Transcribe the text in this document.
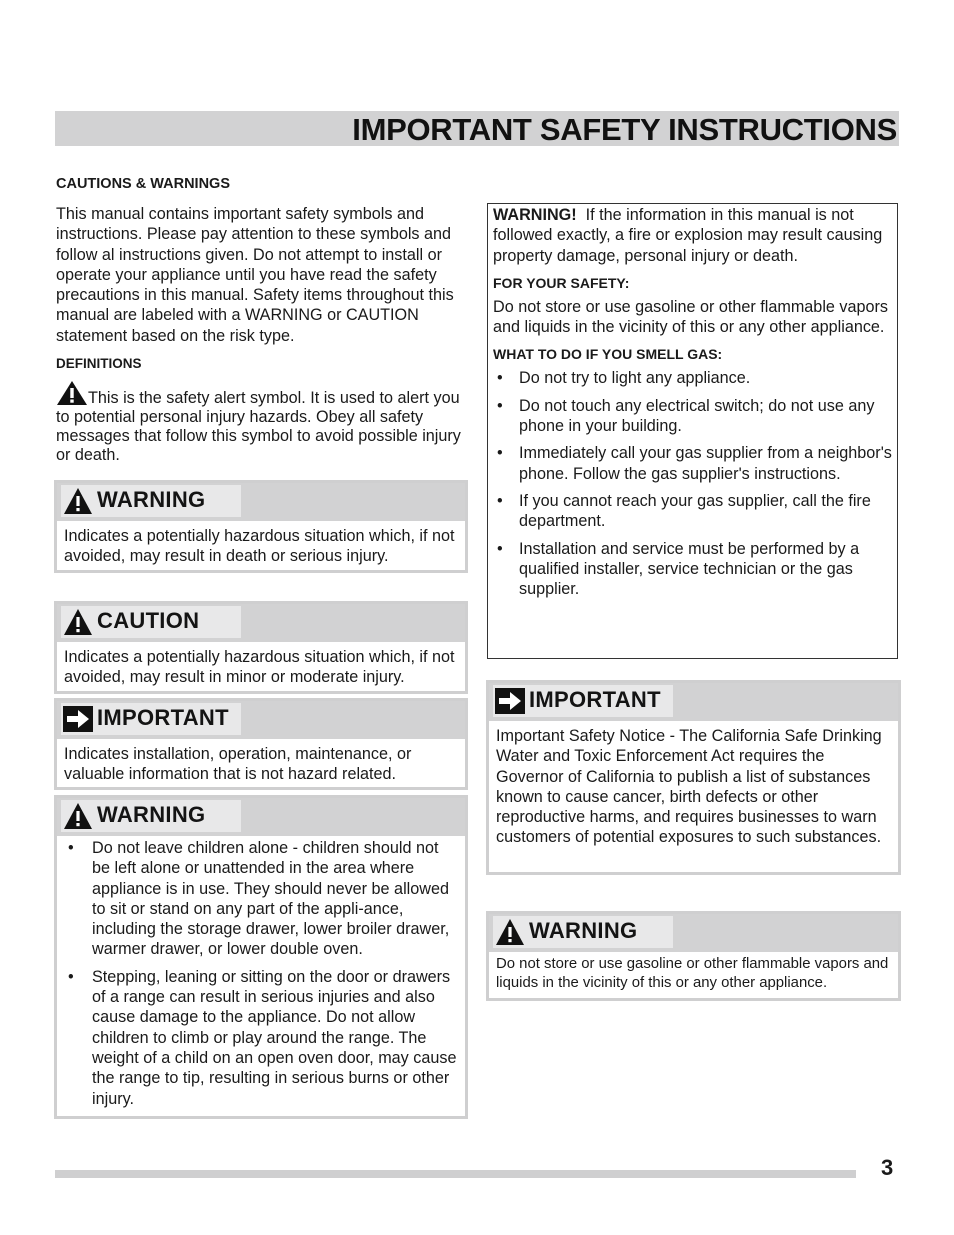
IMPORTANT SAFETY INSTRUCTIONS
CAUTIONS & WARNINGS

This manual contains important safety symbols and instructions. Please pay attention to these symbols and follow al instructions given. Do not attempt to install or operate your appliance until you have read the safety precautions in this manual. Safety items throughout this manual are labeled with a WARNING or CAUTION statement based on the risk type.

DEFINITIONS
This is the safety alert symbol. It is used to alert you to potential personal injury hazards. Obey all safety messages that follow this symbol to avoid possible injury or death.
WARNING
Indicates a potentially hazardous situation which, if not avoided, may result in death or serious injury.
CAUTION
Indicates a potentially hazardous situation which, if not avoided, may result in minor or moderate injury.
IMPORTANT
Indicates installation, operation, maintenance, or valuable information that is not hazard related.
WARNING
• Do not leave children alone - children should not be left alone or unattended in the area where appliance is in use. They should never be allowed to sit or stand on any part of the appli-ance, including the storage drawer, lower broiler drawer, warmer drawer, or lower double oven.
• Stepping, leaning or sitting on the door or drawers of a range can result in serious injuries and also cause damage to the appliance. Do not allow children to climb or play around the range. The weight of a child on an open oven door, may cause the range to tip, resulting in serious burns or other injury.

WARNING! If the information in this manual is not followed exactly, a fire or explosion may result causing property damage, personal injury or death.

FOR YOUR SAFETY:

Do not store or use gasoline or other flammable vapors and liquids in the vicinity of this or any other appliance.

WHAT TO DO IF YOU SMELL GAS:
• Do not try to light any appliance.
• Do not touch any electrical switch; do not use any phone in your building.
• Immediately call your gas supplier from a neighbor's phone. Follow the gas supplier's instructions.
• If you cannot reach your gas supplier, call the fire department.
• Installation and service must be performed by a qualified installer, service technician or the gas supplier.
IMPORTANT
Important Safety Notice - The California Safe Drinking Water and Toxic Enforcement Act requires the Governor of California to publish a list of substances known to cause cancer, birth defects or other reproductive harms, and requires businesses to warn customers of potential exposures to such substances.
WARNING
Do not store or use gasoline or other flammable vapors and liquids in the vicinity of this or any other appliance.
3
